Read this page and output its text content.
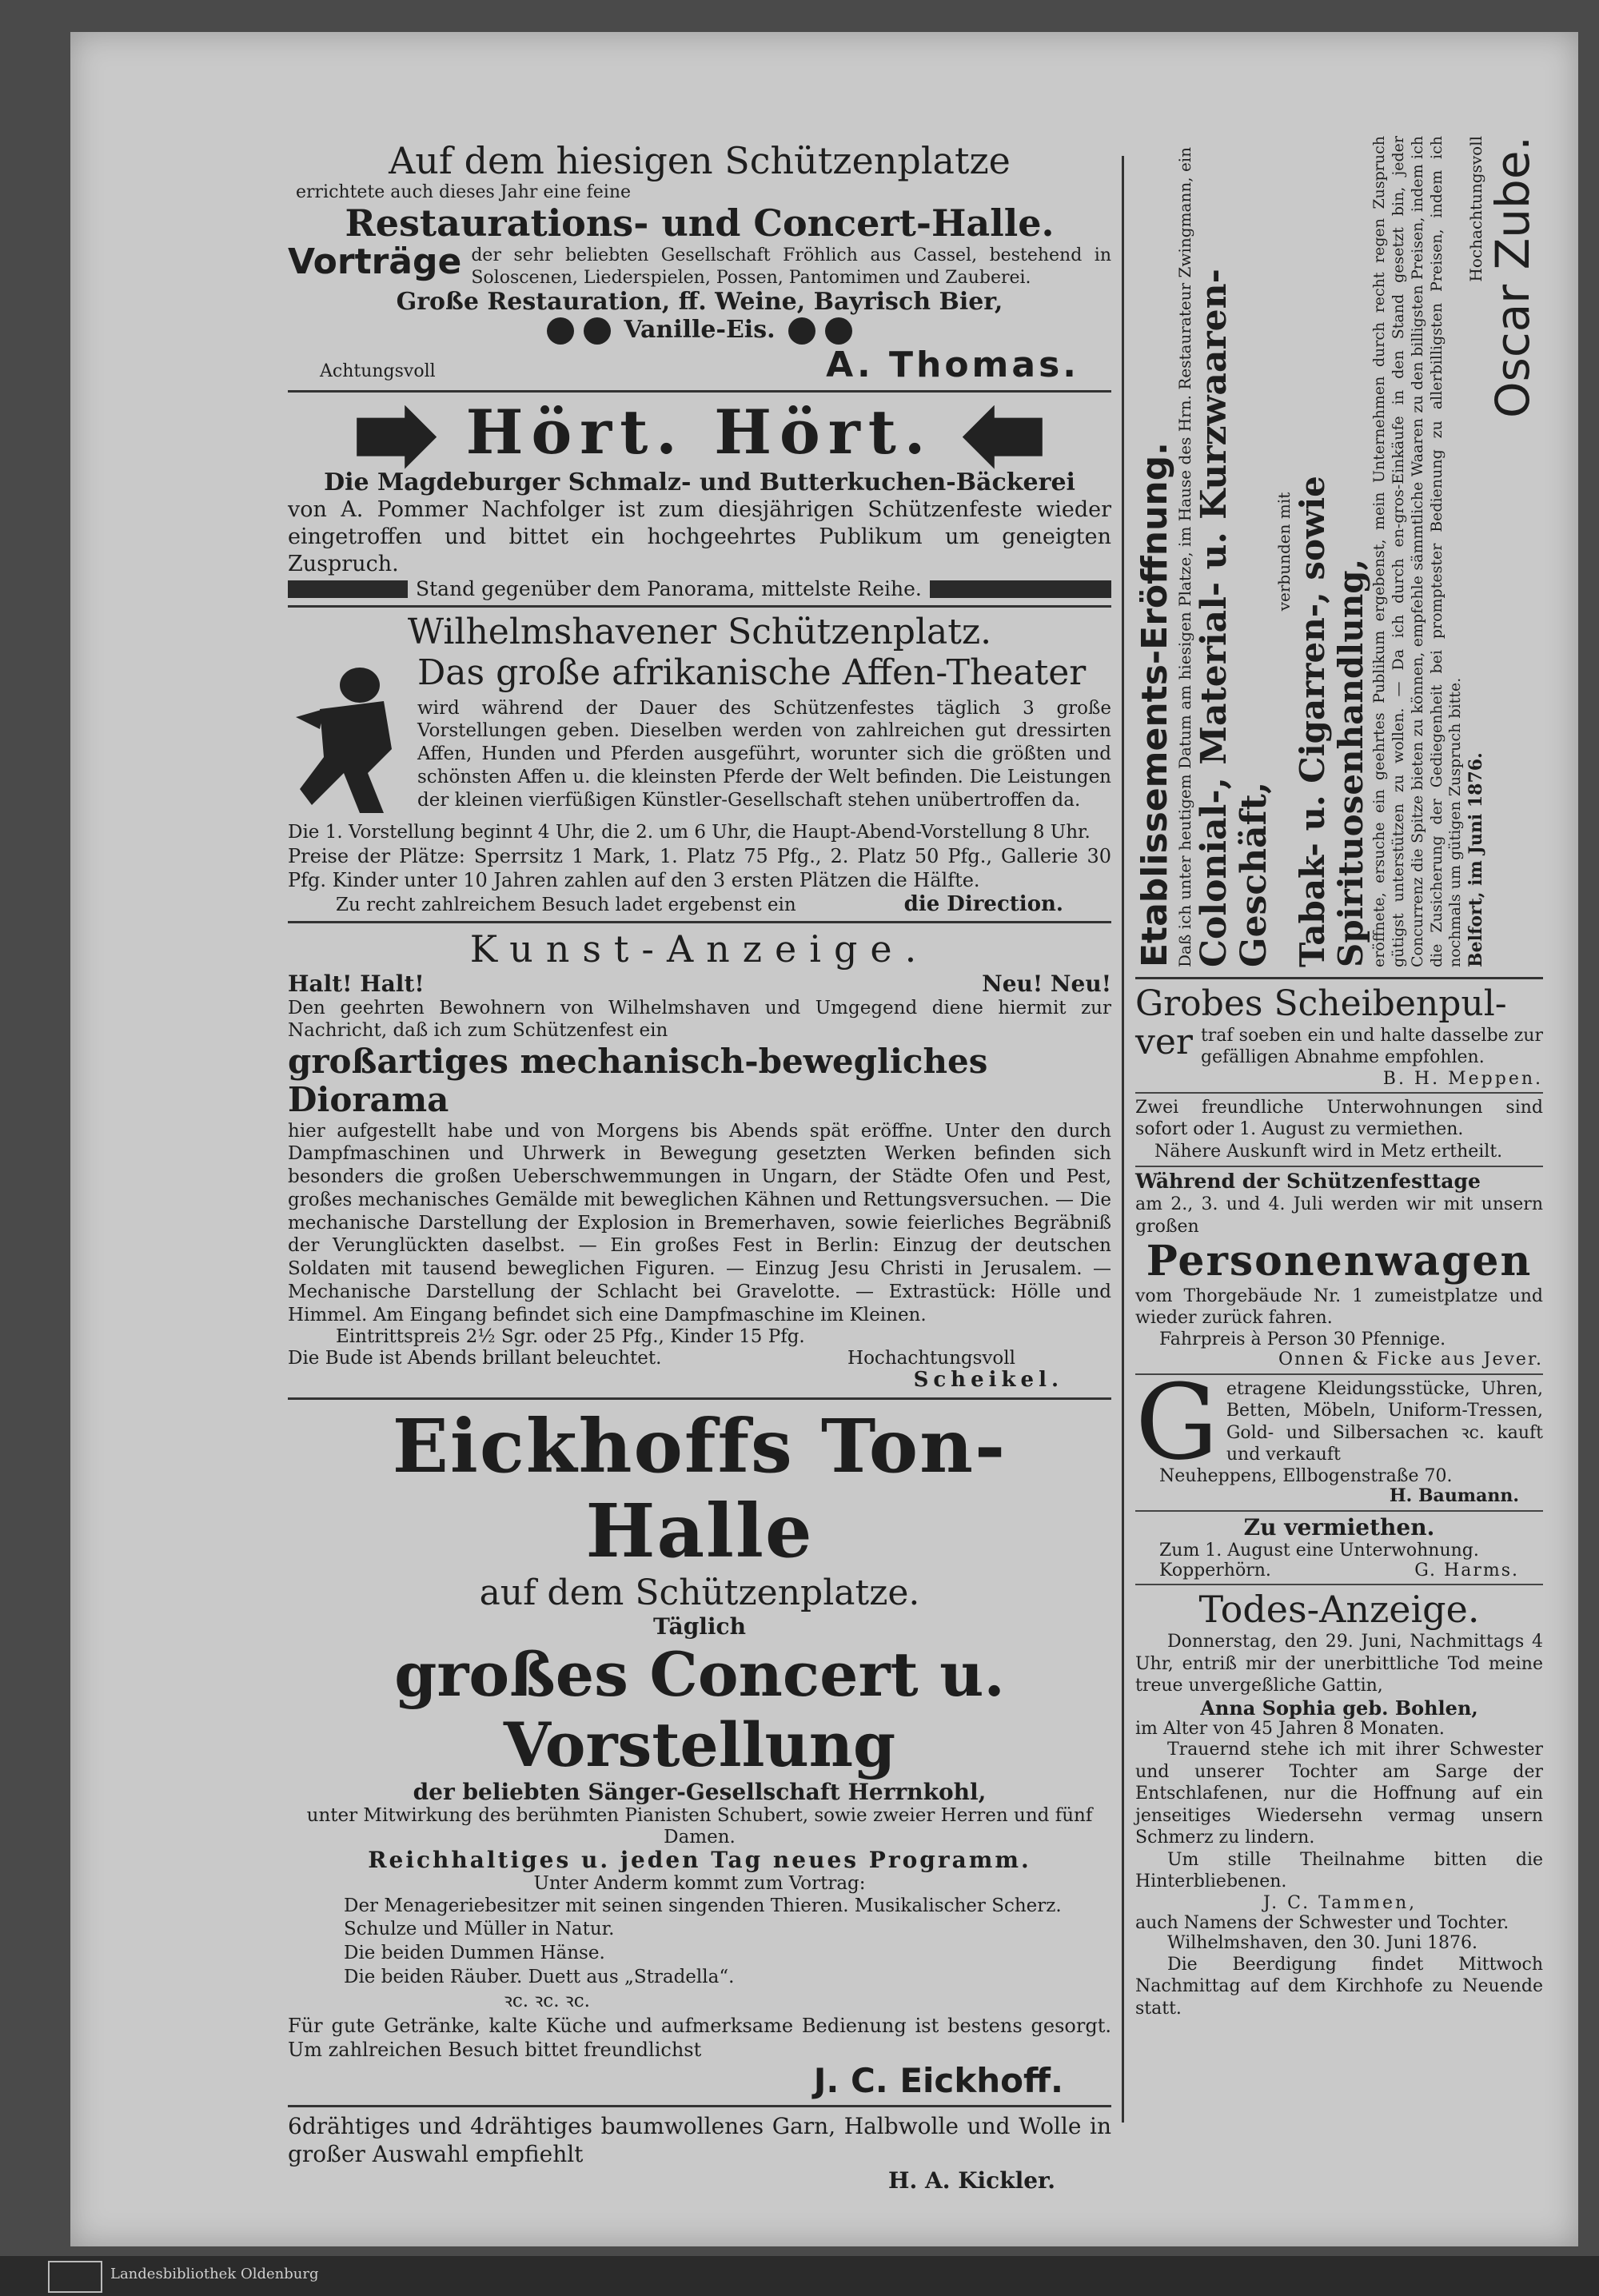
Auf dem hiesigen Schützenplatze

errichtete auch dieses Jahr eine feine

Restaurations- und Concert-Halle.

Vorträge der sehr beliebten Gesellschaft Fröhlich aus Cassel, bestehend in Soloscenen, Liederspielen, Possen, Pantomimen und Zauberei.

Große Restauration, ff. Weine, Bayrisch Bier,

Vanille-Eis.

Achtungsvoll	A. Thomas.

Hört. Hört.

Die Magdeburger Schmalz- und Butterkuchen-Bäckerei

von A. Pommer Nachfolger ist zum diesjährigen Schützenfeste wieder eingetroffen und bittet ein hochgeehrtes Publikum um geneigten Zuspruch.

Stand gegenüber dem Panorama, mittelste Reihe.

Wilhelmshavener Schützenplatz.

Das große afrikanische Affen-Theater

wird während der Dauer des Schützenfestes täglich 3 große Vorstellungen geben. Dieselben werden von zahlreichen gut dressirten Affen, Hunden und Pferden ausgeführt, worunter sich die größten und schönsten Affen u. die kleinsten Pferde der Welt befinden. Die Leistungen der kleinen vierfüßigen Künstler-Gesellschaft stehen unübertroffen da.

Die 1. Vorstellung beginnt 4 Uhr, die 2. um 6 Uhr, die Haupt-Abend-Vorstellung 8 Uhr.

Preise der Plätze: Sperrsitz 1 Mark, 1. Platz 75 Pfg., 2. Platz 50 Pfg., Gallerie 30 Pfg. Kinder unter 10 Jahren zahlen auf den 3 ersten Plätzen die Hälfte.

Zu recht zahlreichem Besuch ladet ergebenst ein	die Direction.

Kunst-Anzeige.

Halt! Halt!	Neu! Neu!

Den geehrten Bewohnern von Wilhelmshaven und Umgegend diene hiermit zur Nachricht, daß ich zum Schützenfest ein

großartiges mechanisch-bewegliches Diorama

hier aufgestellt habe und von Morgens bis Abends spät eröffne. Unter den durch Dampfmaschinen und Uhrwerk in Bewegung gesetzten Werken befinden sich besonders die großen Ueberschwemmungen in Ungarn, der Städte Ofen und Pest, großes mechanisches Gemälde mit beweglichen Kähnen und Rettungsversuchen. — Die mechanische Darstellung der Explosion in Bremerhaven, sowie feierliches Begräbniß der Verunglückten daselbst. — Ein großes Fest in Berlin: Einzug der deutschen Soldaten mit tausend beweglichen Figuren. — Einzug Jesu Christi in Jerusalem. — Mechanische Darstellung der Schlacht bei Gravelotte. — Extrastück: Hölle und Himmel. Am Eingang befindet sich eine Dampfmaschine im Kleinen.

Eintrittspreis 2½ Sgr. oder 25 Pfg., Kinder 15 Pfg.

Die Bude ist Abends brillant beleuchtet.	Hochachtungsvoll

Scheikel.

Eickhoffs Ton-Halle

auf dem Schützenplatze.

Täglich

großes Concert u. Vorstellung

der beliebten Sänger-Gesellschaft Herrnkohl,

unter Mitwirkung des berühmten Pianisten Schubert, sowie zweier Herren und fünf Damen.

Reichhaltiges u. jeden Tag neues Programm.

Unter Anderm kommt zum Vortrag:

Der Menageriebesitzer mit seinen singenden Thieren. Musikalischer Scherz.
Schulze und Müller in Natur.
Die beiden Dummen Hänse.
Die beiden Räuber. Duett aus „Stradella“.
ꝛc. ꝛc. ꝛc.

Für gute Getränke, kalte Küche und aufmerksame Bedienung ist bestens gesorgt. Um zahlreichen Besuch bittet freundlichst

J. C. Eickhoff.

6drähtiges und 4drähtiges baumwollenes Garn, Halbwolle und Wolle in großer Auswahl empfiehlt

H. A. Kickler.

Etablissements-Eröffnung. Daß ich unter heutigem Datum am hiesigen Platze, im Hause des Hrn. Restaurateur Zwingmann, ein Colonial-, Material- u. Kurzwaaren-Geschäft,

verbunden mit Tabak- u. Cigarren-, sowie Spirituosenhandlung, eröffnete, ersuche ein geehrtes Publikum ergebenst, mein Unternehmen durch recht regen Zuspruch gütigst unterstützen zu wollen. — Da ich durch en-gros-Einkäufe in den Stand gesetzt bin, jeder Concurrenz die Spitze bieten zu können, empfehle sämmtliche Waaren zu den billigsten Preisen, indem ich die Zusicherung der Gediegenheit bei promptester Bedienung zu allerbilligsten Preisen, indem ich nochmals um gütigen Zuspruch bitte. Belfort, im Juni 1876.
Hochachtungsvoll Oscar Zube.

Grobes Scheibenpul-

ver traf soeben ein und halte dasselbe zur gefälligen Abnahme empfohlen.

B. H. Meppen.

Zwei freundliche Unterwohnungen sind sofort oder 1. August zu vermiethen.

Nähere Auskunft wird in Metz ertheilt.

Während der Schützenfesttage

am 2., 3. und 4. Juli werden wir mit unsern großen

Personenwagen

vom Thorgebäude Nr. 1 zumeistplatze und wieder zurück fahren.

Fahrpreis à Person 30 Pfennige.

Onnen & Ficke aus Jever.

G etragene Kleidungsstücke, Uhren, Betten, Möbeln, Uniform-Tressen, Gold- und Silbersachen ꝛc. kauft und verkauft

Neuheppens, Ellbogenstraße 70.

H. Baumann.

Zu vermiethen.

Zum 1. August eine Unterwohnung.

Kopperhörn.	G. Harms.

Todes-Anzeige.

Donnerstag, den 29. Juni, Nachmittags 4 Uhr, entriß mir der unerbittliche Tod meine treue unvergeßliche Gattin,

Anna Sophia geb. Bohlen,

im Alter von 45 Jahren 8 Monaten.

Trauernd stehe ich mit ihrer Schwester und unserer Tochter am Sarge der Entschlafenen, nur die Hoffnung auf ein jenseitiges Wiedersehn vermag unsern Schmerz zu lindern.

Um stille Theilnahme bitten die Hinterbliebenen.

J. C. Tammen,

auch Namens der Schwester und Tochter.

Wilhelmshaven, den 30. Juni 1876.

Die Beerdigung findet Mittwoch Nachmittag auf dem Kirchhofe zu Neuende statt.

Landesbibliothek Oldenburg
